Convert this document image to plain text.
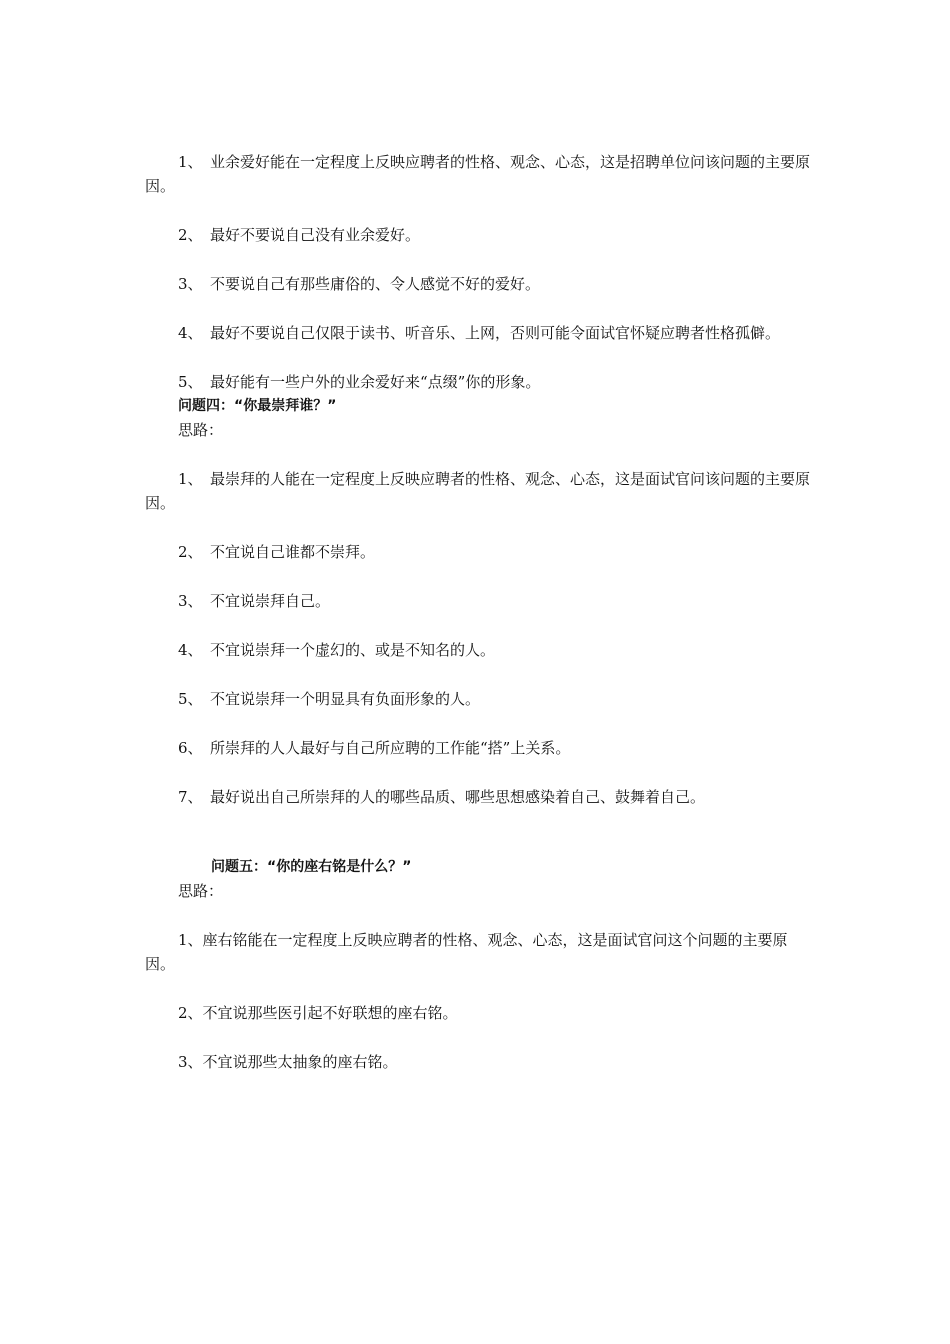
1、 业余爱好能在一定程度上反映应聘者的性格、观念、心态，这是招聘单位问该问题的主要原因。

2、 最好不要说自己没有业余爱好。

3、 不要说自己有那些庸俗的、令人感觉不好的爱好。

4、 最好不要说自己仅限于读书、听音乐、上网，否则可能令面试官怀疑应聘者性格孤僻。

5、 最好能有一些户外的业余爱好来“点缀”你的形象。

问题四：“你最崇拜谁？”

思路：

1、 最崇拜的人能在一定程度上反映应聘者的性格、观念、心态，这是面试官问该问题的主要原因。

2、 不宜说自己谁都不崇拜。

3、 不宜说崇拜自己。

4、 不宜说崇拜一个虚幻的、或是不知名的人。

5、 不宜说崇拜一个明显具有负面形象的人。

6、 所崇拜的人人最好与自己所应聘的工作能“搭”上关系。

7、 最好说出自己所崇拜的人的哪些品质、哪些思想感染着自己、鼓舞着自己。

问题五：“你的座右铭是什么？”

思路：

1、座右铭能在一定程度上反映应聘者的性格、观念、心态，这是面试官问这个问题的主要原因。

2、不宜说那些医引起不好联想的座右铭。

3、不宜说那些太抽象的座右铭。
